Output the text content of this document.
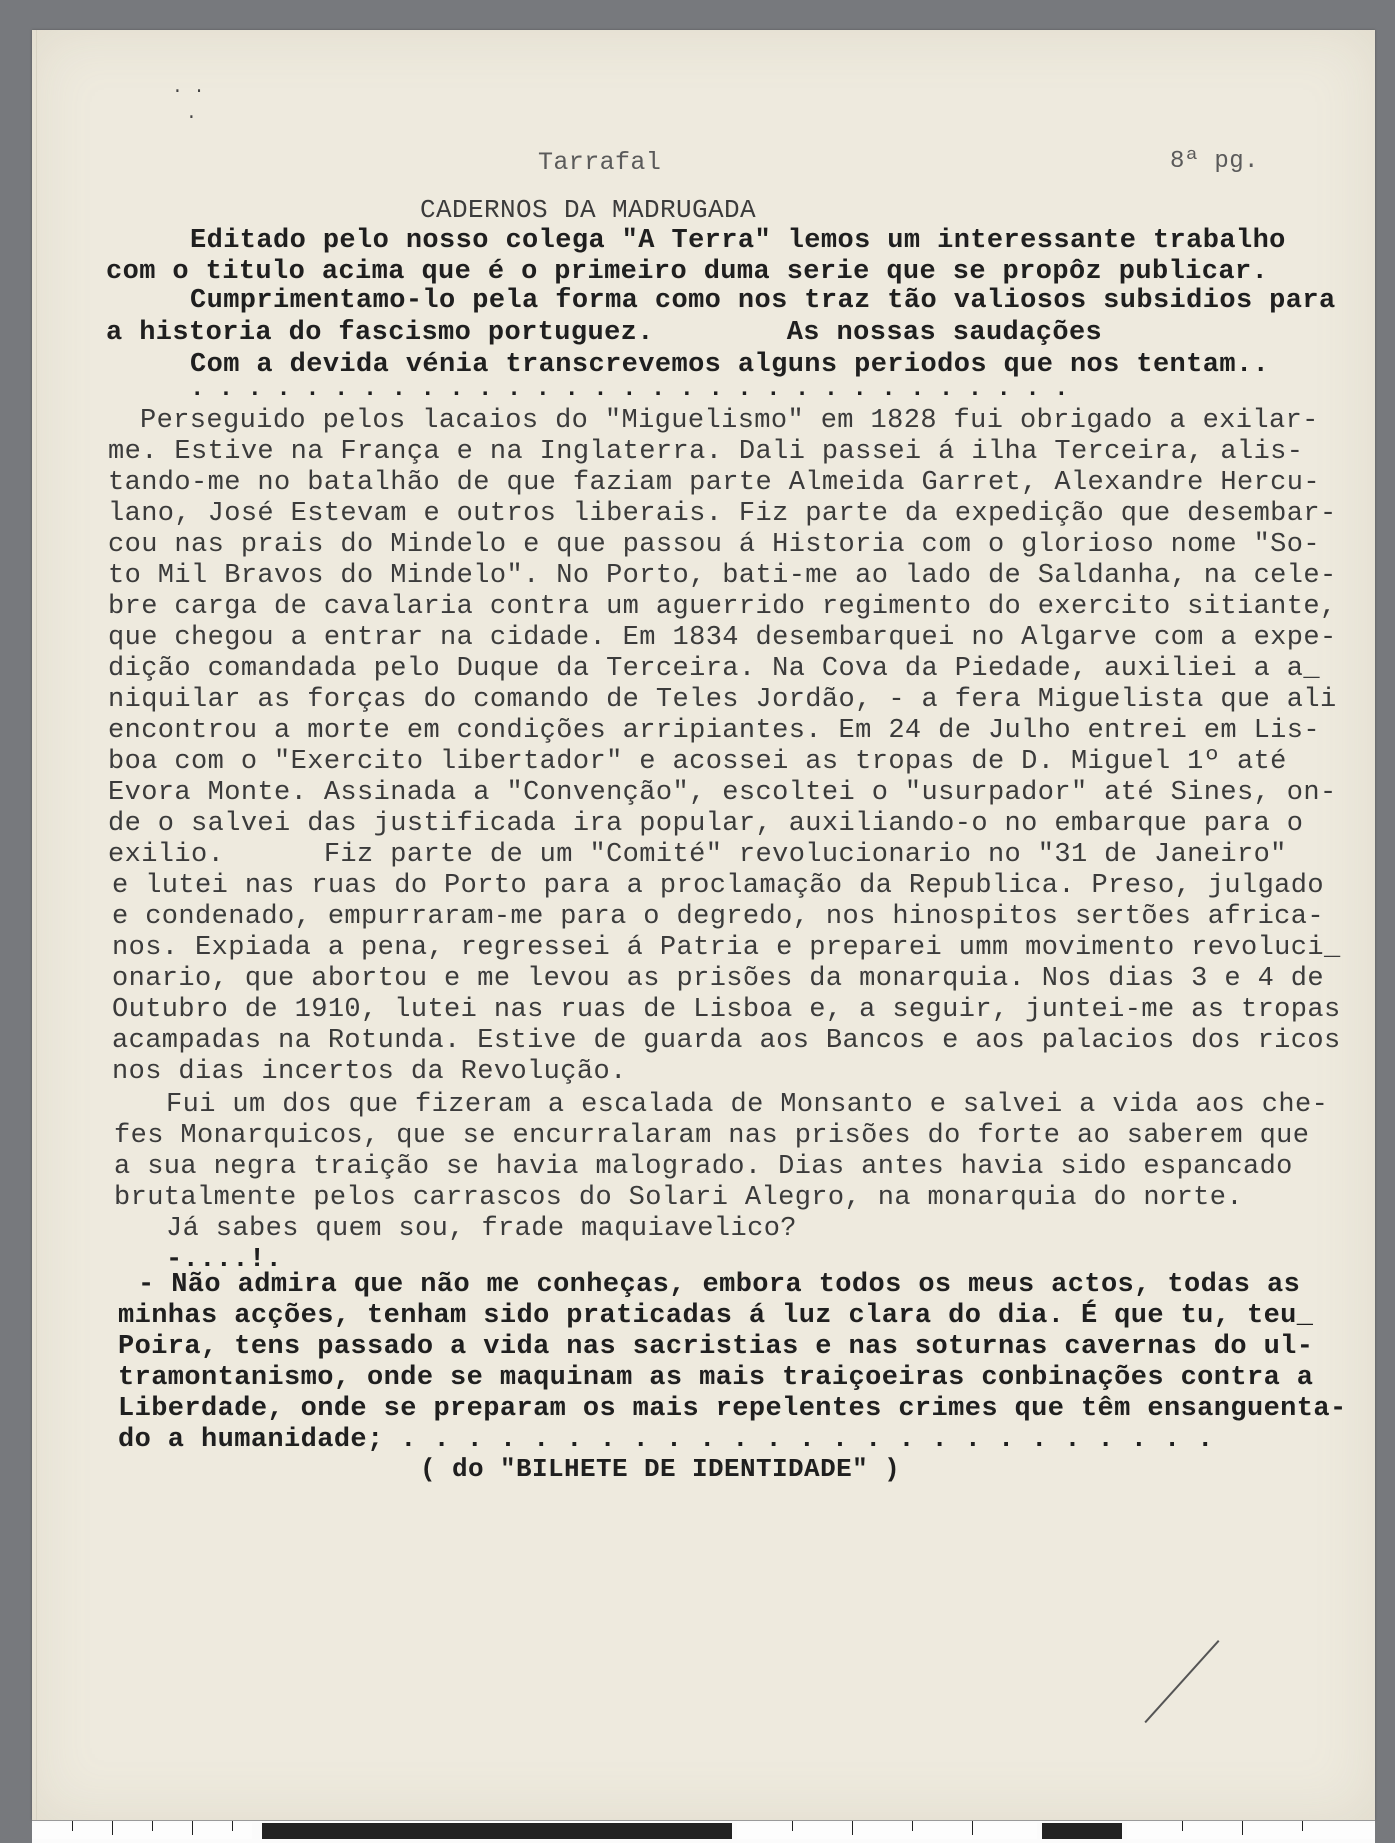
· ·
·
Tarrafal	8ª pg.
CADERNOS DA MADRUGADA
Editado pelo nosso colega "A Terra" lemos um interessante trabalho
com o titulo acima que é o primeiro duma serie que se propôz publicar.
Cumprimentamo-lo pela forma como nos traz tão valiosos subsidios para
a historia do fascismo portuguez.        As nossas saudações
Com a devida vénia transcrevemos alguns periodos que nos tentam..
. . . . . . . . . . . . . . . . . . . . . . . . . . . . . . .
Perseguido pelos lacaios do "Miguelismo" em 1828 fui obrigado a exilar-
me. Estive na França e na Inglaterra. Dali passei á ilha Terceira, alis-
tando-me no batalhão de que faziam parte Almeida Garret, Alexandre Hercu-
lano, José Estevam e outros liberais. Fiz parte da expedição que desembar-
cou nas prais do Mindelo e que passou á Historia com o glorioso nome "So-
to Mil Bravos do Mindelo". No Porto, bati-me ao lado de Saldanha, na cele-
bre carga de cavalaria contra um aguerrido regimento do exercito sitiante,
que chegou a entrar na cidade. Em 1834 desembarquei no Algarve com a expe-
dição comandada pelo Duque da Terceira. Na Cova da Piedade, auxiliei a a_
niquilar as forças do comando de Teles Jordão, - a fera Miguelista que ali
encontrou a morte em condições arripiantes. Em 24 de Julho entrei em Lis-
boa com o "Exercito libertador" e acossei as tropas de D. Miguel 1º até
Evora Monte. Assinada a "Convenção", escoltei o "usurpador" até Sines, on-
de o salvei das justificada ira popular, auxiliando-o no embarque para o
exilio.      Fiz parte de um "Comité" revolucionario no "31 de Janeiro"
e lutei nas ruas do Porto para a proclamação da Republica. Preso, julgado
e condenado, empurraram-me para o degredo, nos hinospitos sertões africa-
nos. Expiada a pena, regressei á Patria e preparei umm movimento revoluci_
onario, que abortou e me levou as prisões da monarquia. Nos dias 3 e 4 de
Outubro de 1910, lutei nas ruas de Lisboa e, a seguir, juntei-me as tropas
acampadas na Rotunda. Estive de guarda aos Bancos e aos palacios dos ricos
nos dias incertos da Revolução.
Fui um dos que fizeram a escalada de Monsanto e salvei a vida aos che-
fes Monarquicos, que se encurralaram nas prisões do forte ao saberem que
a sua negra traição se havia malogrado. Dias antes havia sido espancado
brutalmente pelos carrascos do Solari Alegro, na monarquia do norte.
Já sabes quem sou, frade maquiavelico?
-....!.
- Não admira que não me conheças, embora todos os meus actos, todas as
minhas acções, tenham sido praticadas á luz clara do dia. É que tu, teu_
Poira, tens passado a vida nas sacristias e nas soturnas cavernas do ul-
tramontanismo, onde se maquinam as mais traiçoeiras conbinações contra a
Liberdade, onde se preparam os mais repelentes crimes que têm ensanguenta-
do a humanidade; . . . . . . . . . . . . . . . . . . . . . . . . .
( do "BILHETE DE IDENTIDADE" )
